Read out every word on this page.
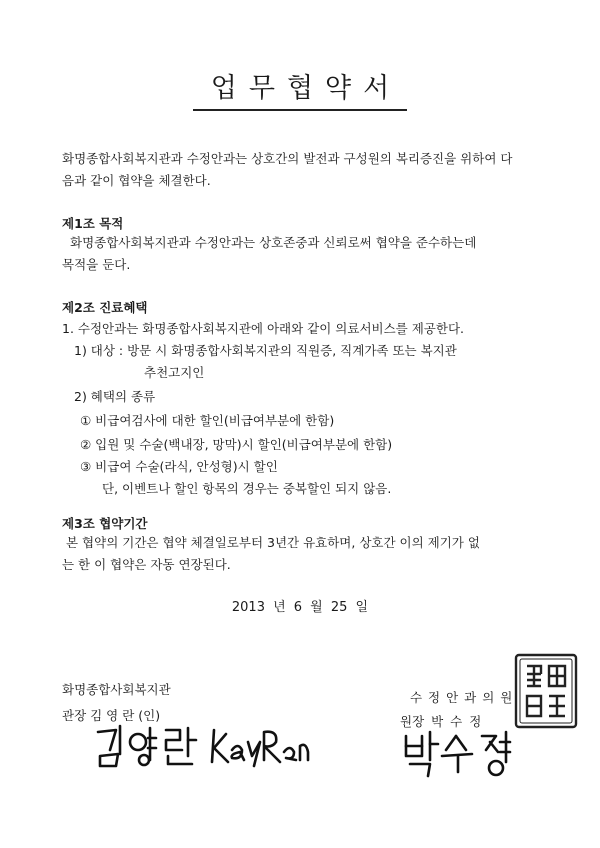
업무협약서
화명종합사회복지관과 수정안과는 상호간의 발전과 구성원의 복리증진을 위하여 다
음과 같이 협약을 체결한다.
제1조 목적
화명종합사회복지관과 수정안과는 상호존중과 신뢰로써 협약을 준수하는데
목적을 둔다.
제2조 진료혜택
1. 수정안과는 화명종합사회복지관에 아래와 같이 의료서비스를 제공한다.
1) 대상 : 방문 시 화명종합사회복지관의 직원증, 직계가족 또는 복지관
추천고지인
2) 혜택의 종류
① 비급여검사에 대한 할인(비급여부분에 한함)
② 입원 및 수술(백내장, 망막)시 할인(비급여부분에 한함)
③ 비급여 수술(라식, 안성형)시 할인
단, 이벤트나 할인 항목의 경우는 중복할인 되지 않음.
제3조 협약기간
본 협약의 기간은 협약 체결일로부터 3년간 유효하며, 상호간 이의 제기가 없
는 한 이 협약은 자동 연장된다.
2013 년 6 월 25 일
화명종합사회복지관
관장 김 영 란 (인)
수 정 안 과 의 원
원장 박 수 정
